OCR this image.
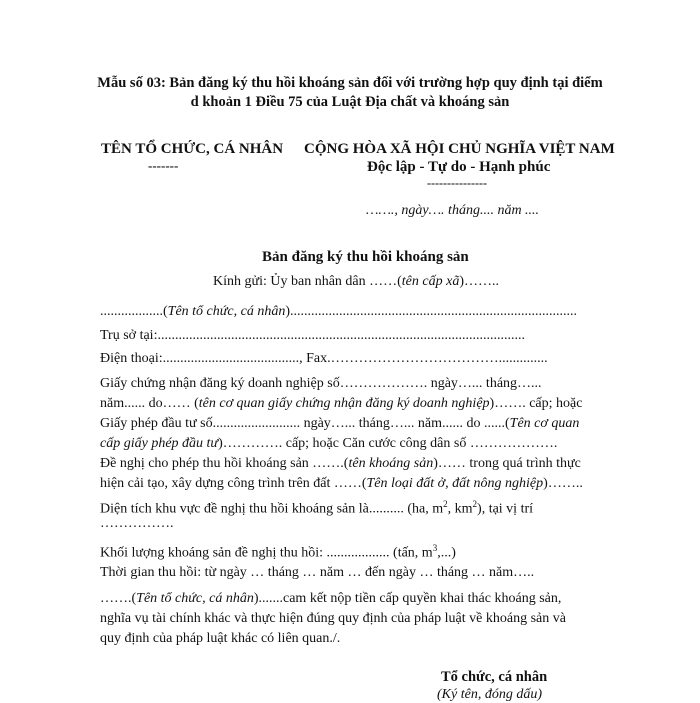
Mẫu số 03: Bản đăng ký thu hồi khoáng sản đối với trường hợp quy định tại điểm
d khoản 1 Điều 75 của Luật Địa chất và khoáng sản
TÊN TỔ CHỨC, CÁ NHÂN
-------
CỘNG HÒA XÃ HỘI CHỦ NGHĨA VIỆT NAM
Độc lập - Tự do - Hạnh phúc
---------------
……., ngày…. tháng.... năm ....
Bản đăng ký thu hồi khoáng sản
Kính gửi: Ủy ban nhân dân ……(tên cấp xã)……..
..................(Tên tổ chức, cá nhân)..................................................................................
Trụ sở tại:.........................................................................................................
Điện thoại:......................................., Fax.………………………………..............
Giấy chứng nhận đăng ký doanh nghiệp số………………. ngày…... tháng…...
năm...... do…… (tên cơ quan giấy chứng nhận đăng ký doanh nghiệp)……. cấp; hoặc
Giấy phép đầu tư số......................... ngày…... tháng…... năm...... do ......(Tên cơ quan
cấp giấy phép đầu tư)…………. cấp; hoặc Căn cước công dân số ……………….
Đề nghị cho phép thu hồi khoáng sản …….(tên khoáng sản)…… trong quá trình thực
hiện cải tạo, xây dựng công trình trên đất ……(Tên loại đất ở, đất nông nghiệp)……..
Diện tích khu vực đề nghị thu hồi khoáng sản là.......... (ha, $m^2$, $km^2$), tại vị trí
…………….
Khối lượng khoáng sản đề nghị thu hồi: .................. (tấn, $m^3$,...)
Thời gian thu hồi: từ ngày … tháng … năm … đến ngày … tháng … năm…..
…….(Tên tổ chức, cá nhân).......cam kết nộp tiền cấp quyền khai thác khoáng sản,
nghĩa vụ tài chính khác và thực hiện đúng quy định của pháp luật về khoáng sản và
quy định của pháp luật khác có liên quan./.
Tổ chức, cá nhân
(Ký tên, đóng dấu)
